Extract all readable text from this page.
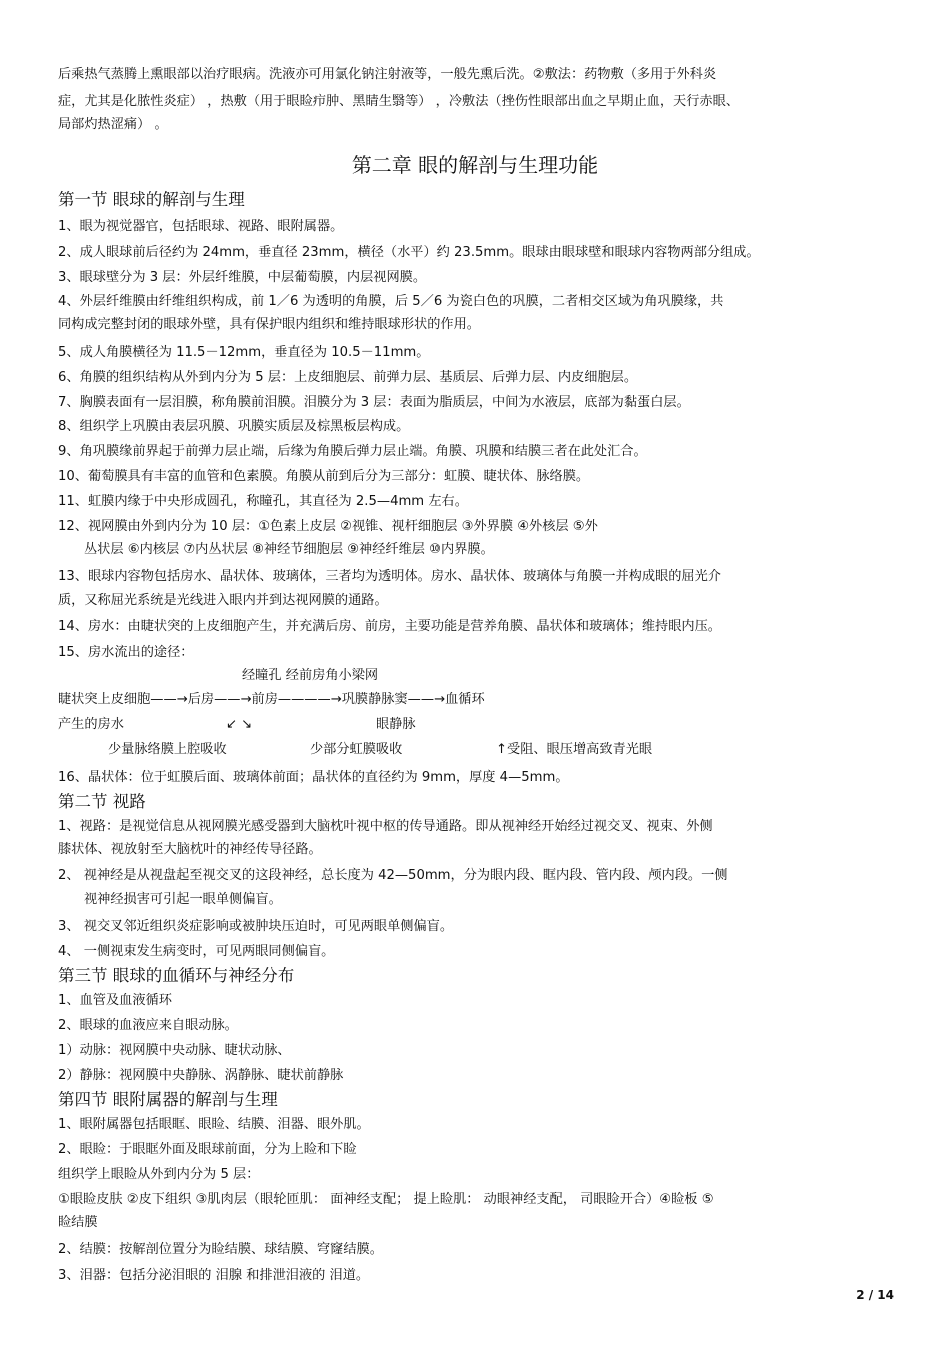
后乘热气蒸腾上熏眼部以治疗眼病。洗液亦可用氯化钠注射液等，一般先熏后洗。②敷法：药物敷（多用于外科炎
症，尤其是化脓性炎症） ，热敷（用于眼睑疖肿、黑睛生翳等） ，冷敷法（挫伤性眼部出血之早期止血，天行赤眼、
局部灼热涩痛） 。
第二章 眼的解剖与生理功能
第一节 眼球的解剖与生理
1、眼为视觉器官，包括眼球、视路、眼附属器。
2、成人眼球前后径约为 24mm，垂直径 23mm，横径（水平）约 23.5mm。眼球由眼球壁和眼球内容物两部分组成。
3、眼球壁分为 3 层：外层纤维膜，中层葡萄膜，内层视网膜。
4、外层纤维膜由纤维组织构成，前 1／6 为透明的角膜，后 5／6 为瓷白色的巩膜，二者相交区域为角巩膜缘，共
同构成完整封闭的眼球外壁，具有保护眼内组织和维持眼球形状的作用。
5、成人角膜横径为 11.5－12mm，垂直径为 10.5－11mm。
6、角膜的组织结构从外到内分为 5 层：上皮细胞层、前弹力层、基质层、后弹力层、内皮细胞层。
7、胸膜表面有一层泪膜，称角膜前泪膜。泪膜分为 3 层：表面为脂质层，中间为水液层，底部为黏蛋白层。
8、组织学上巩膜由表层巩膜、巩膜实质层及棕黑板层构成。
9、角巩膜缘前界起于前弹力层止端，后缘为角膜后弹力层止端。角膜、巩膜和结膜三者在此处汇合。
10、葡萄膜具有丰富的血管和色素膜。角膜从前到后分为三部分：虹膜、睫状体、脉络膜。
11、虹膜内缘于中央形成圆孔，称瞳孔，其直径为 2.5—4mm 左右。
12、视网膜由外到内分为 10 层：①色素上皮层 ②视锥、视杆细胞层 ③外界膜 ④外核层 ⑤外
丛状层 ⑥内核层 ⑦内丛状层 ⑧神经节细胞层 ⑨神经纤维层 ⑩内界膜。
13、眼球内容物包括房水、晶状体、玻璃体，三者均为透明体。房水、晶状体、玻璃体与角膜一并构成眼的屈光介
质，又称屈光系统是光线进入眼内并到达视网膜的通路。
14、房水：由睫状突的上皮细胞产生，并充满后房、前房，主要功能是营养角膜、晶状体和玻璃体；维持眼内压。
15、房水流出的途径：
经瞳孔 经前房角小梁网
睫状突上皮细胞——→后房——→前房————→巩膜静脉窦——→血循环
产生的房水	↙ ↘	眼静脉
少量脉络膜上腔吸收	少部分虹膜吸收	↑受阻、眼压增高致青光眼
16、晶状体：位于虹膜后面、玻璃体前面；晶状体的直径约为 9mm，厚度 4—5mm。
第二节 视路
1、视路：是视觉信息从视网膜光感受器到大脑枕叶视中枢的传导通路。即从视神经开始经过视交叉、视束、外侧
膝状体、视放射至大脑枕叶的神经传导径路。
2、 视神经是从视盘起至视交叉的这段神经，总长度为 42—50mm，分为眼内段、眶内段、管内段、颅内段。一侧
视神经损害可引起一眼单侧偏盲。
3、 视交叉邻近组织炎症影响或被肿块压迫时，可见两眼单侧偏盲。
4、 一侧视束发生病变时，可见两眼同侧偏盲。
第三节 眼球的血循环与神经分布
1、血管及血液循环
2、眼球的血液应来自眼动脉。
1）动脉：视网膜中央动脉、睫状动脉、
2）静脉：视网膜中央静脉、涡静脉、睫状前静脉
第四节 眼附属器的解剖与生理
1、眼附属器包括眼眶、眼睑、结膜、泪器、眼外肌。
2、眼睑：于眼眶外面及眼球前面，分为上睑和下睑
组织学上眼睑从外到内分为 5 层：
①眼睑皮肤 ②皮下组织 ③肌肉层（眼轮匝肌： 面神经支配； 提上睑肌： 动眼神经支配， 司眼睑开合）④睑板 ⑤
睑结膜
2、结膜：按解剖位置分为睑结膜、球结膜、穹窿结膜。
3、泪器：包括分泌泪眼的 泪腺 和排泄泪液的 泪道。
2 / 14
